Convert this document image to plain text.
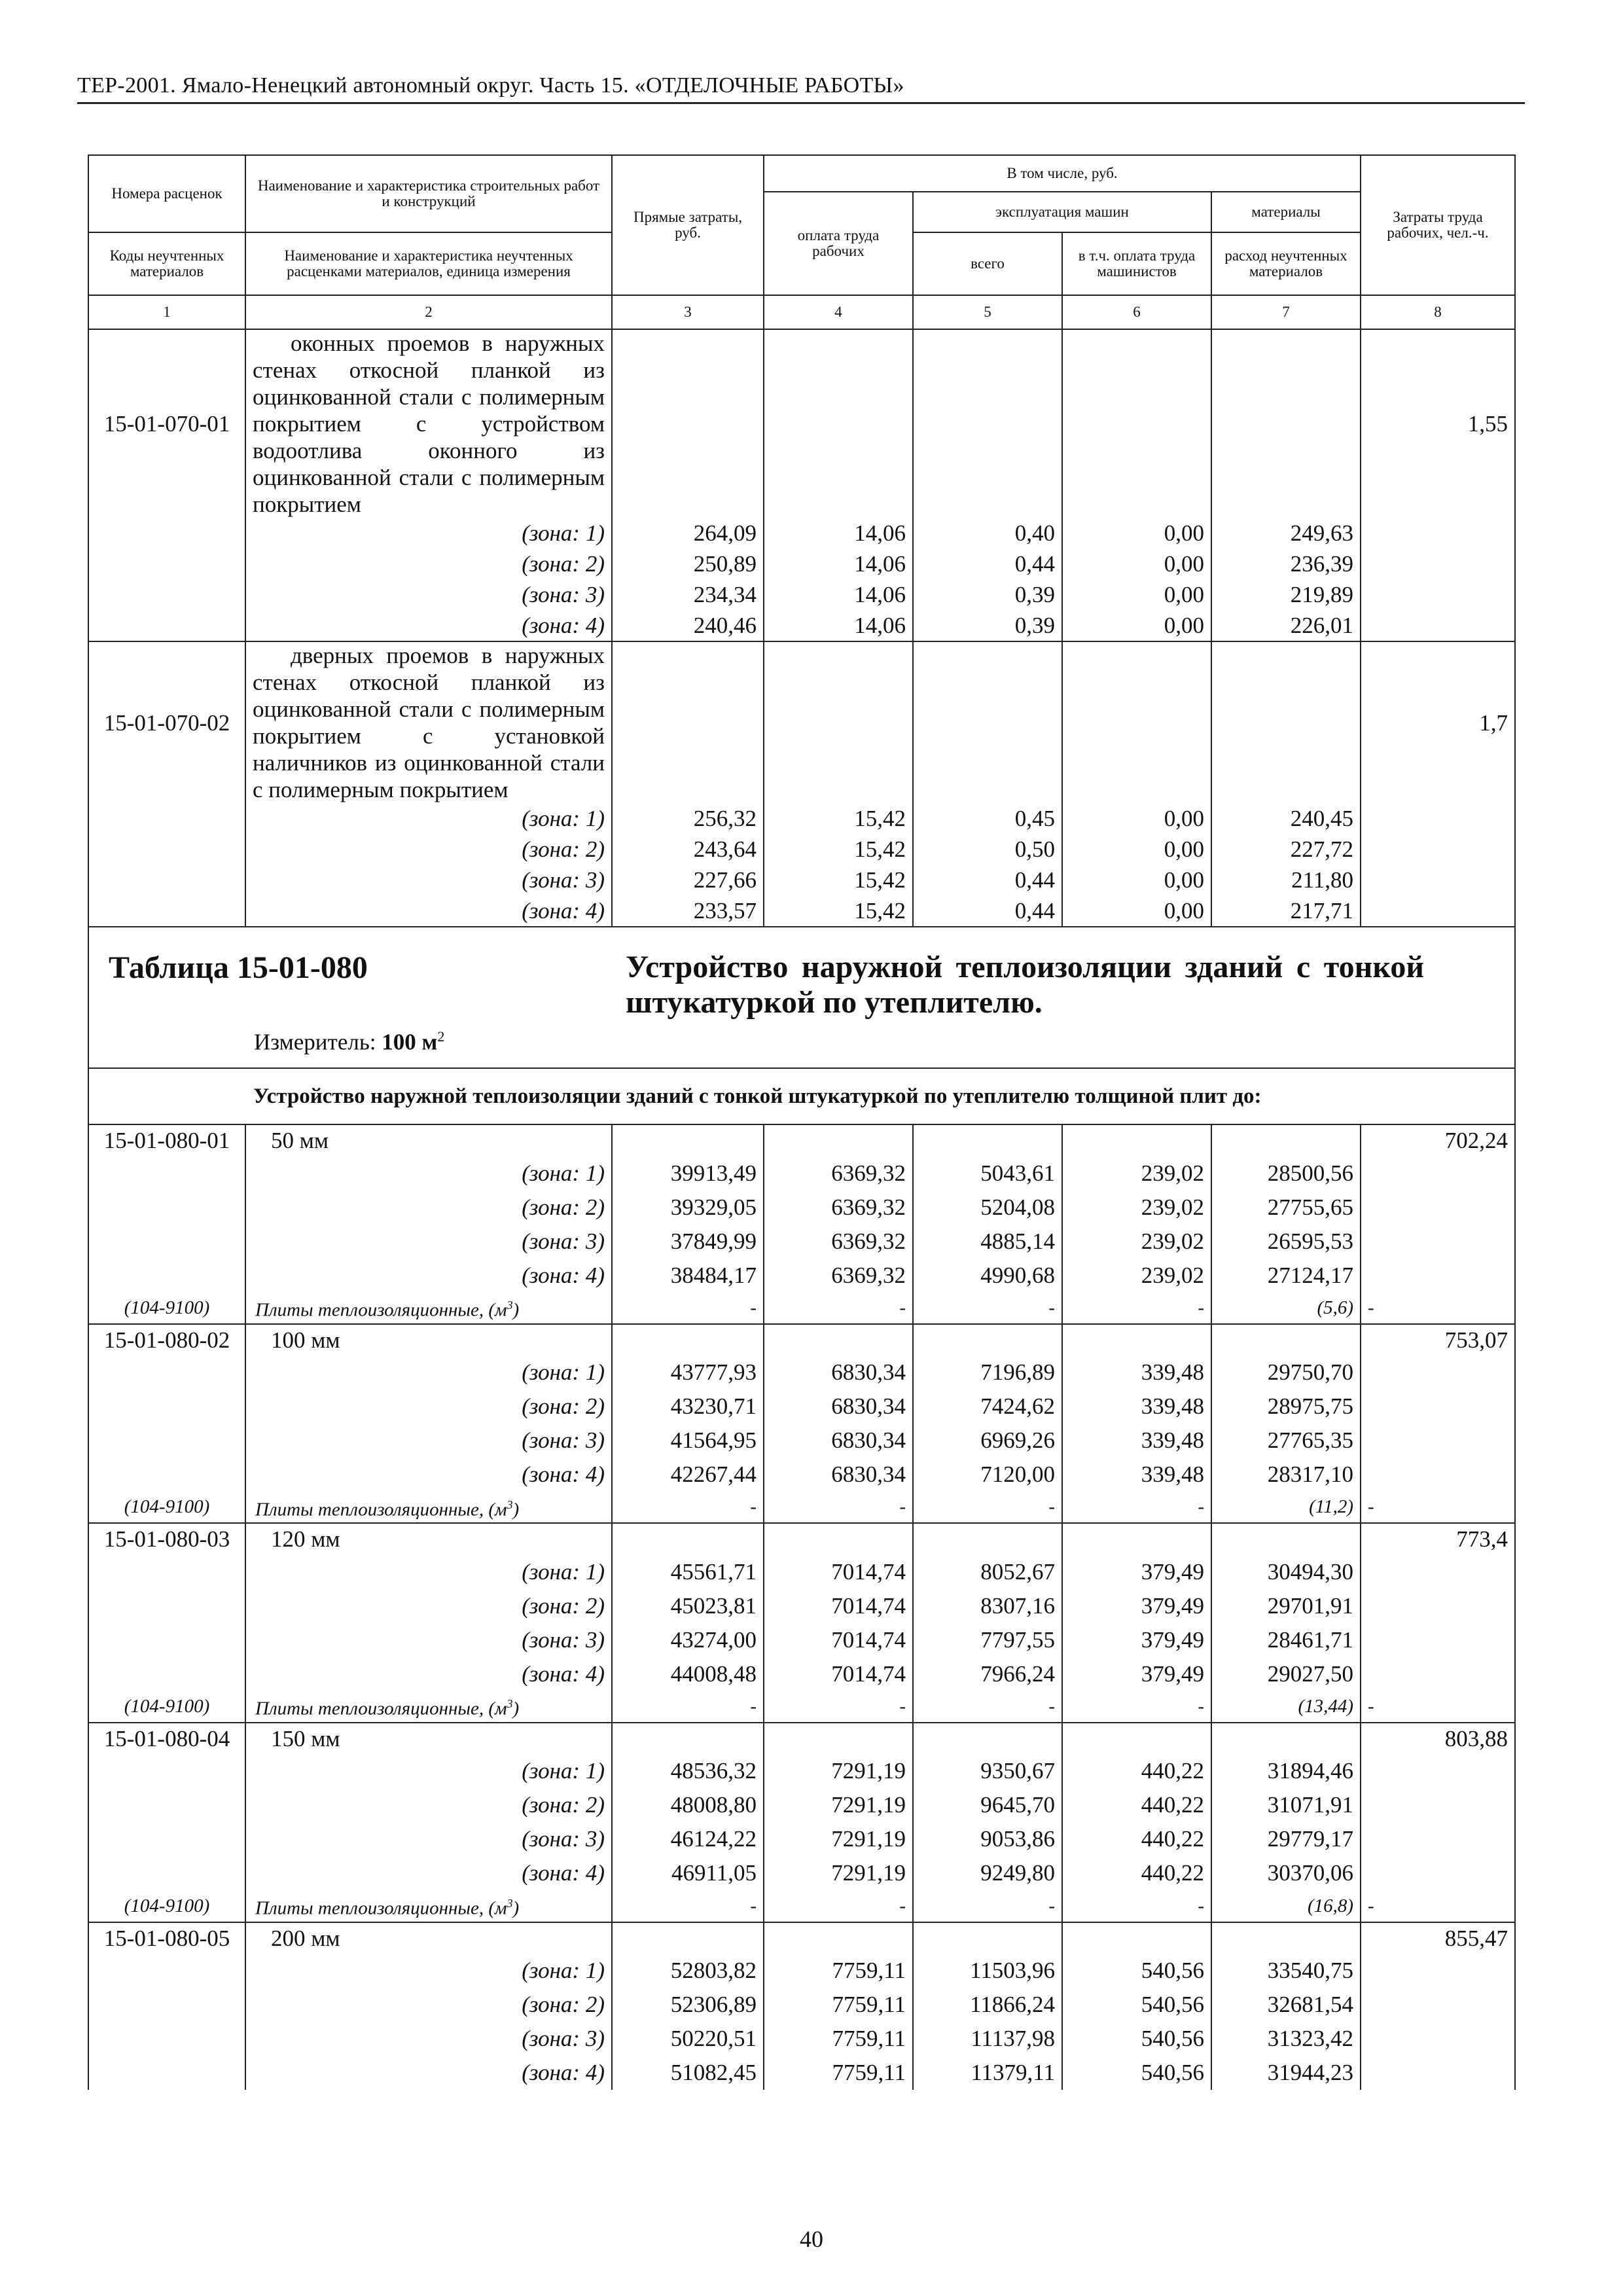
ТЕР-2001. Ямало-Ненецкий автономный округ. Часть 15. «ОТДЕЛОЧНЫЕ РАБОТЫ»
Номера расценок	Наименование и характеристика строительных работ и конструкций	Прямые затраты, руб.	В том числе, руб.				Затраты труда рабочих, чел.-ч.
			оплата труда рабочих	эксплуатация машин		материалы	
Коды неучтенных материалов	Наименование и характеристика неучтенных расценками материалов, единица измерения			всего	в т.ч. оплата труда машинистов	расход неучтенных материалов	
1	2	3	4	5	6	7	8
15-01-070-01	оконных проемов в наружных стенах откосной планкой из оцинкованной стали с полимерным покрытием с устройством водоотлива оконного из оцинкованной стали с полимерным покрытием						1,55
	(зона: 1)	264,09	14,06	0,40	0,00	249,63	
	(зона: 2)	250,89	14,06	0,44	0,00	236,39	
	(зона: 3)	234,34	14,06	0,39	0,00	219,89	
	(зона: 4)	240,46	14,06	0,39	0,00	226,01	
15-01-070-02	дверных проемов в наружных стенах откосной планкой из оцинкованной стали с полимерным покрытием с установкой наличников из оцинкованной стали с полимерным покрытием						1,7
	(зона: 1)	256,32	15,42	0,45	0,00	240,45	
	(зона: 2)	243,64	15,42	0,50	0,00	227,72	
	(зона: 3)	227,66	15,42	0,44	0,00	211,80	
	(зона: 4)	233,57	15,42	0,44	0,00	217,71	

Таблица 15-01-080 Устройство наружной теплоизоляции зданий с тонкой штукатуркой по утеплителю.
Измеритель: 100 $м^2$

	Устройство наружной теплоизоляции зданий с тонкой штукатуркой по утеплителю толщиной плит до:						
15-01-080-01	50 мм						702,24
	(зона: 1)	39913,49	6369,32	5043,61	239,02	28500,56	
	(зона: 2)	39329,05	6369,32	5204,08	239,02	27755,65	
	(зона: 3)	37849,99	6369,32	4885,14	239,02	26595,53	
	(зона: 4)	38484,17	6369,32	4990,68	239,02	27124,17	
(104-9100)	Плиты теплоизоляционные, $(м^3)$	-	-	-	-	(5,6)	-
15-01-080-02	100 мм						753,07
	(зона: 1)	43777,93	6830,34	7196,89	339,48	29750,70	
	(зона: 2)	43230,71	6830,34	7424,62	339,48	28975,75	
	(зона: 3)	41564,95	6830,34	6969,26	339,48	27765,35	
	(зона: 4)	42267,44	6830,34	7120,00	339,48	28317,10	
(104-9100)	Плиты теплоизоляционные, $(м^3)$	-	-	-	-	(11,2)	-
15-01-080-03	120 мм						773,4
	(зона: 1)	45561,71	7014,74	8052,67	379,49	30494,30	
	(зона: 2)	45023,81	7014,74	8307,16	379,49	29701,91	
	(зона: 3)	43274,00	7014,74	7797,55	379,49	28461,71	
	(зона: 4)	44008,48	7014,74	7966,24	379,49	29027,50	
(104-9100)	Плиты теплоизоляционные, $(м^3)$	-	-	-	-	(13,44)	-
15-01-080-04	150 мм						803,88
	(зона: 1)	48536,32	7291,19	9350,67	440,22	31894,46	
	(зона: 2)	48008,80	7291,19	9645,70	440,22	31071,91	
	(зона: 3)	46124,22	7291,19	9053,86	440,22	29779,17	
	(зона: 4)	46911,05	7291,19	9249,80	440,22	30370,06	
(104-9100)	Плиты теплоизоляционные, $(м^3)$	-	-	-	-	(16,8)	-
15-01-080-05	200 мм						855,47
	(зона: 1)	52803,82	7759,11	11503,96	540,56	33540,75	
	(зона: 2)	52306,89	7759,11	11866,24	540,56	32681,54	
	(зона: 3)	50220,51	7759,11	11137,98	540,56	31323,42	
	(зона: 4)	51082,45	7759,11	11379,11	540,56	31944,23	
40
